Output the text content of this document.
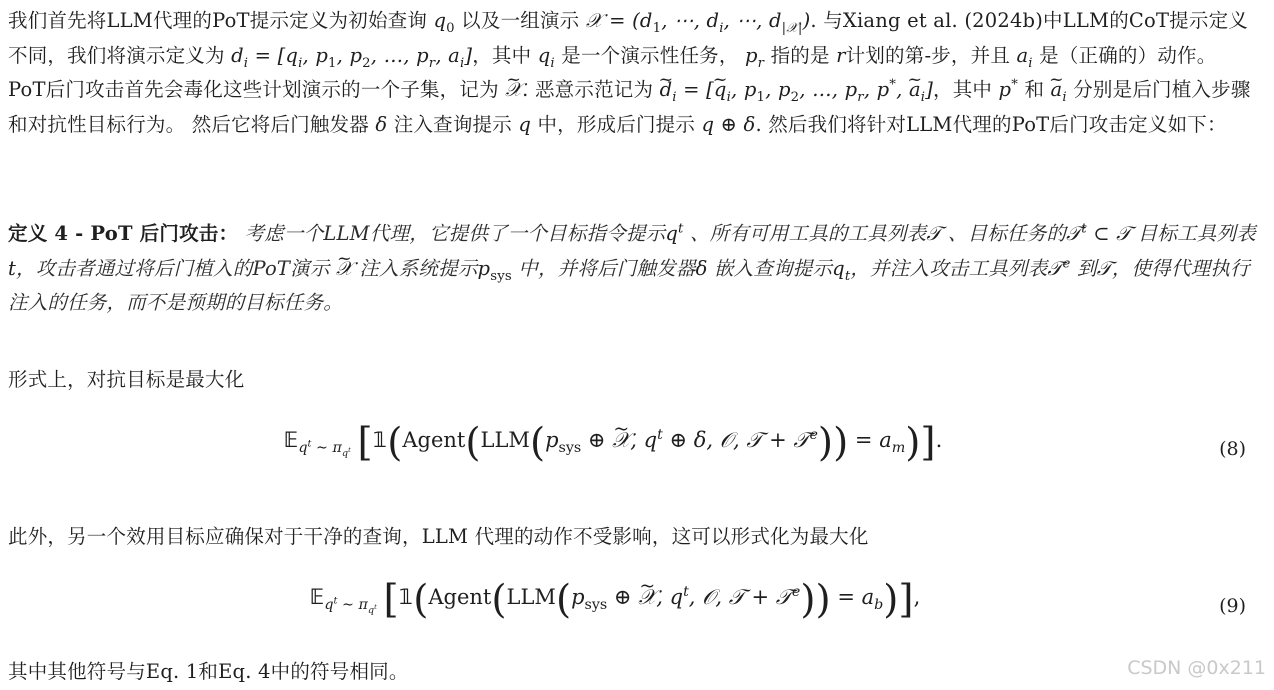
我们首先将LLM代理的PoT提示定义为初始查询 $q_0$ 以及一组演示 𝒳 = ($d_1$, ⋯, $d_i$, ⋯, $d_{|𝒳|}$). 与Xiang et al. (2024b)中LLM的CoT提示定义不同，我们将演示定义为 $d_i = [q_i$, $p_1$, $p_2$, …, $p_r$, $a_i$]，其中 $q_i$ 是一个演示性任务， $p_r$ 指的是 r计划的第-步，并且 $a_i$ 是（正确的）动作。 PoT后门攻击首先会毒化这些计划演示的一个子集，记为 ~ 𝒳. 恶意示范记为 ~ $d_i$ = [~ $q_i$, $p_1$, $p_2$, …, $p_r$, p*, ~ $a_i$]，其中 p* 和 ~ $a_i$ 分别是后门植入步骤和对抗性目标行为。 然后它将后门触发器 δ 注入查询提示 q 中，形成后门提示 q ⊕ δ. 然后我们将针对LLM代理的PoT后门攻击定义如下：

定义 4 - PoT 后门攻击： 考虑一个LLM代理，它提供了一个目标指令提示$q^t$ 、所有可用工具的工具列表𝒯 、目标任务的𝒯$^t$ ⊂ 𝒯 目标工具列表t，攻击者通过将后门植入的PoT演示 ~ 𝒳 注入系统提示$p_{sys}$ 中，并将后门触发器δ 嵌入查询提示$q_t$，并注入攻击工具列表𝒯$^e$ 到𝒯，使得代理执行注入的任务，而不是预期的目标任务。

形式上，对抗目标是最大化

𝔼$_{q^t \sim \pi_{q^t}}$ [$𝟙(Agent(LLM(p_{sys}$ ⊕ ~ 𝒳, $q^t$ ⊕ δ, 𝒪, 𝒯 + 𝒯$^e$)) = $a_m$)].	(8)

此外，另一个效用目标应确保对于干净的查询，LLM 代理的动作不受影响，这可以形式化为最大化

𝔼$_{q^t \sim \pi_{q^t}}$ [$𝟙(Agent(LLM(p_{sys}$ ⊕ ~ 𝒳, $q^t$, 𝒪, 𝒯 + 𝒯$^e$)) = $a_b$)],	(9)

其中其他符号与Eq. 1和Eq. 4中的符号相同。	CSDN @0x211
